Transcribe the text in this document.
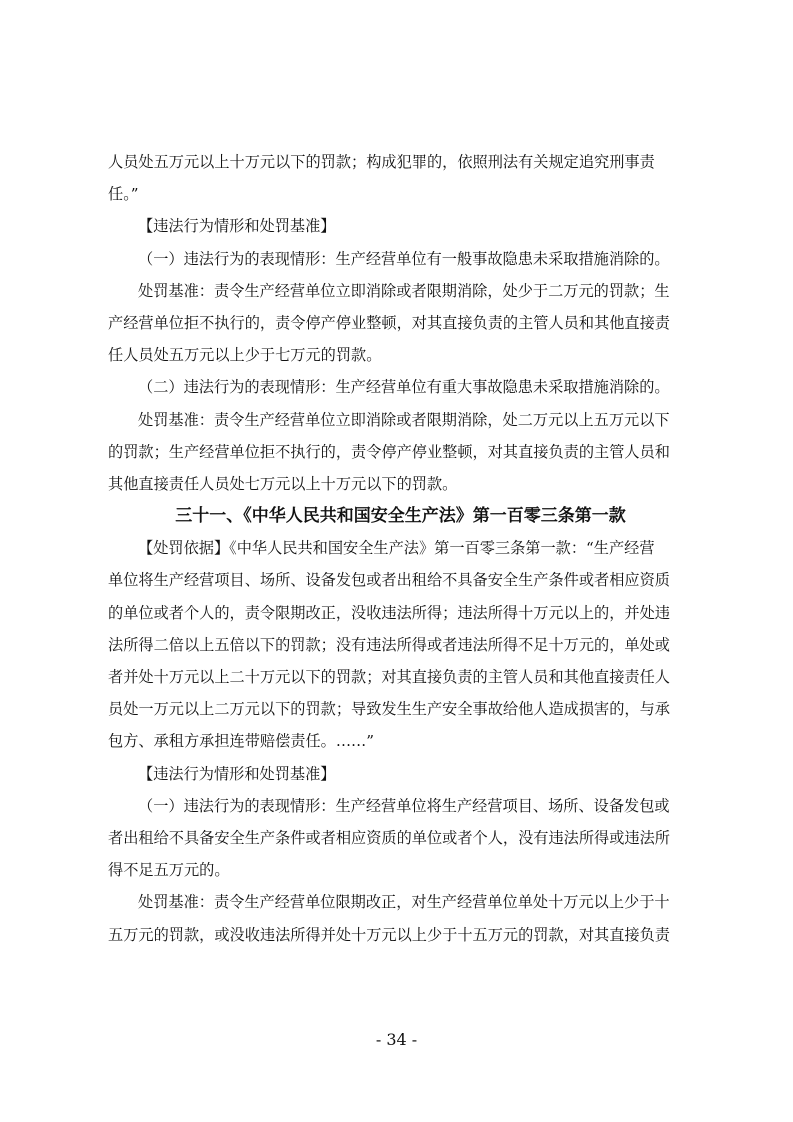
人员处五万元以上十万元以下的罚款；构成犯罪的，依照刑法有关规定追究刑事责

任。”

【违法行为情形和处罚基准】

（一）违法行为的表现情形：生产经营单位有一般事故隐患未采取措施消除的。

处罚基准：责令生产经营单位立即消除或者限期消除，处少于二万元的罚款；生

产经营单位拒不执行的，责令停产停业整顿，对其直接负责的主管人员和其他直接责

任人员处五万元以上少于七万元的罚款。

（二）违法行为的表现情形：生产经营单位有重大事故隐患未采取措施消除的。

处罚基准：责令生产经营单位立即消除或者限期消除，处二万元以上五万元以下

的罚款；生产经营单位拒不执行的，责令停产停业整顿，对其直接负责的主管人员和

其他直接责任人员处七万元以上十万元以下的罚款。

三十一、《中华人民共和国安全生产法》第一百零三条第一款

【处罚依据】《中华人民共和国安全生产法》第一百零三条第一款：“生产经营

单位将生产经营项目、场所、设备发包或者出租给不具备安全生产条件或者相应资质

的单位或者个人的，责令限期改正，没收违法所得；违法所得十万元以上的，并处违

法所得二倍以上五倍以下的罚款；没有违法所得或者违法所得不足十万元的，单处或

者并处十万元以上二十万元以下的罚款；对其直接负责的主管人员和其他直接责任人

员处一万元以上二万元以下的罚款；导致发生生产安全事故给他人造成损害的，与承

包方、承租方承担连带赔偿责任。……”

【违法行为情形和处罚基准】

（一）违法行为的表现情形：生产经营单位将生产经营项目、场所、设备发包或

者出租给不具备安全生产条件或者相应资质的单位或者个人，没有违法所得或违法所

得不足五万元的。

处罚基准：责令生产经营单位限期改正，对生产经营单位单处十万元以上少于十

五万元的罚款，或没收违法所得并处十万元以上少于十五万元的罚款，对其直接负责

- 34 -
